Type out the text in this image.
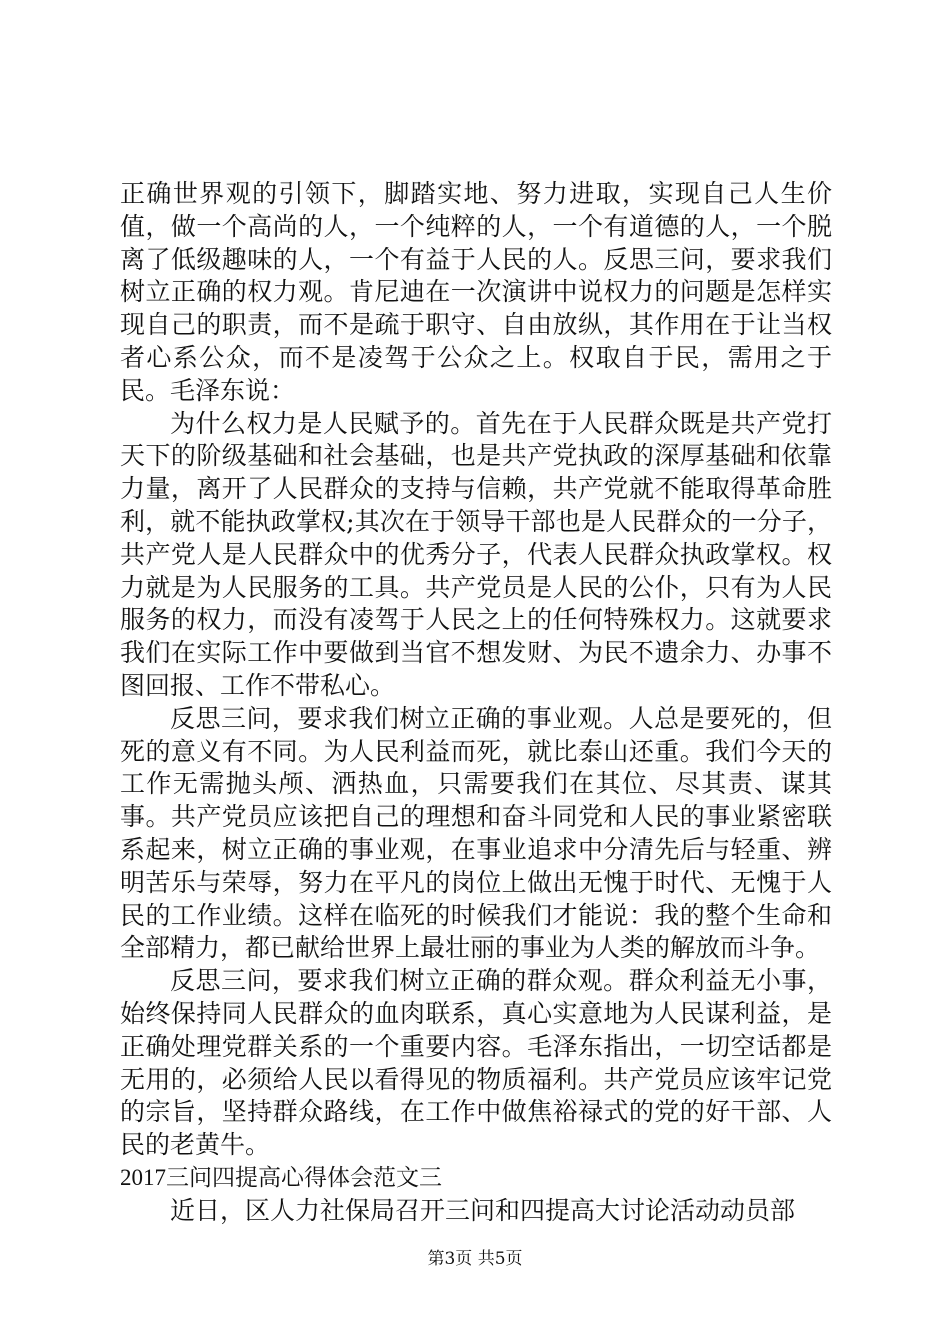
正确世界观的引领下，脚踏实地、努力进取，实现自己人生价值，做一个高尚的人，一个纯粹的人，一个有道德的人，一个脱离了低级趣味的人，一个有益于人民的人。反思三问，要求我们树立正确的权力观。肯尼迪在一次演讲中说权力的问题是怎样实现自己的职责，而不是疏于职守、自由放纵，其作用在于让当权者心系公众，而不是凌驾于公众之上。权取自于民，需用之于民。毛泽东说：

为什么权力是人民赋予的。首先在于人民群众既是共产党打天下的阶级基础和社会基础，也是共产党执政的深厚基础和依靠力量，离开了人民群众的支持与信赖，共产党就不能取得革命胜利，就不能执政掌权;其次在于领导干部也是人民群众的一分子，共产党人是人民群众中的优秀分子，代表人民群众执政掌权。权力就是为人民服务的工具。共产党员是人民的公仆，只有为人民服务的权力，而没有凌驾于人民之上的任何特殊权力。这就要求我们在实际工作中要做到当官不想发财、为民不遗余力、办事不图回报、工作不带私心。

反思三问，要求我们树立正确的事业观。人总是要死的，但死的意义有不同。为人民利益而死，就比泰山还重。我们今天的工作无需抛头颅、洒热血，只需要我们在其位、尽其责、谋其事。共产党员应该把自己的理想和奋斗同党和人民的事业紧密联系起来，树立正确的事业观，在事业追求中分清先后与轻重、辨明苦乐与荣辱，努力在平凡的岗位上做出无愧于时代、无愧于人民的工作业绩。这样在临死的时候我们才能说：我的整个生命和全部精力，都已献给世界上最壮丽的事业为人类的解放而斗争。

反思三问，要求我们树立正确的群众观。群众利益无小事，始终保持同人民群众的血肉联系，真心实意地为人民谋利益，是正确处理党群关系的一个重要内容。毛泽东指出，一切空话都是无用的，必须给人民以看得见的物质福利。共产党员应该牢记党的宗旨，坚持群众路线，在工作中做焦裕禄式的党的好干部、人民的老黄牛。

2017三问四提高心得体会范文三

近日，区人力社保局召开三问和四提高大讨论活动动员部

第3页 共5页
